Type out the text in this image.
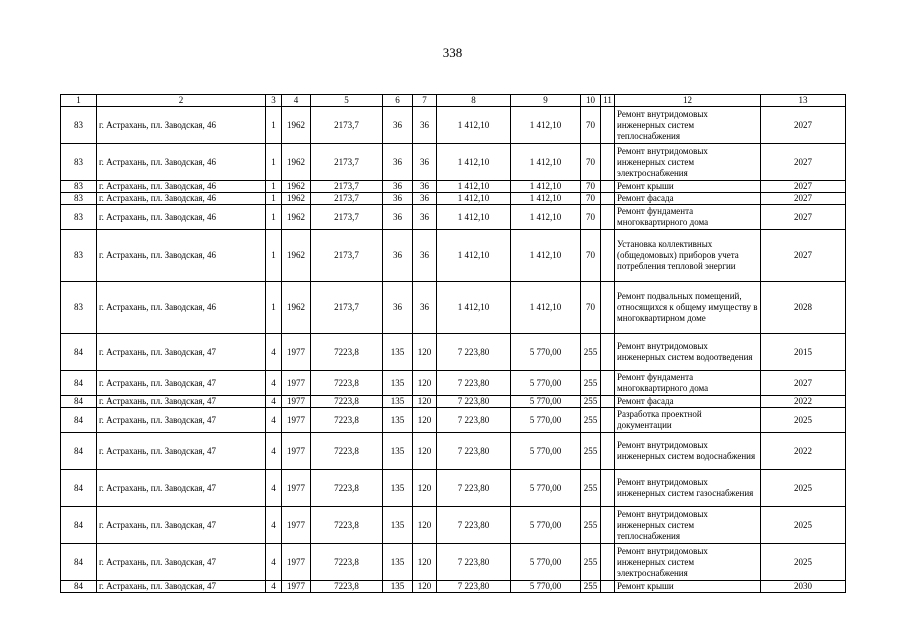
338
1	2	3	4	5	6	7	8	9	10	11	12	13
83	г. Астрахань, пл. Заводская, 46	1	1962	2173,7	36	36	1 412,10	1 412,10	70		Ремонт внутридомовых инженерных систем теплоснабжения	2027
83	г. Астрахань, пл. Заводская, 46	1	1962	2173,7	36	36	1 412,10	1 412,10	70		Ремонт внутридомовых инженерных систем электроснабжения	2027
83	г. Астрахань, пл. Заводская, 46	1	1962	2173,7	36	36	1 412,10	1 412,10	70		Ремонт крыши	2027
83	г. Астрахань, пл. Заводская, 46	1	1962	2173,7	36	36	1 412,10	1 412,10	70		Ремонт фасада	2027
83	г. Астрахань, пл. Заводская, 46	1	1962	2173,7	36	36	1 412,10	1 412,10	70		Ремонт фундамента многоквартирного дома	2027
83	г. Астрахань, пл. Заводская, 46	1	1962	2173,7	36	36	1 412,10	1 412,10	70		Установка коллективных (общедомовых) приборов учета потребления тепловой энергии	2027
83	г. Астрахань, пл. Заводская, 46	1	1962	2173,7	36	36	1 412,10	1 412,10	70		Ремонт подвальных помещений, относящихся к общему имуществу в многоквартирном доме	2028
84	г. Астрахань, пл. Заводская, 47	4	1977	7223,8	135	120	7 223,80	5 770,00	255		Ремонт внутридомовых инженерных систем водоотведения	2015
84	г. Астрахань, пл. Заводская, 47	4	1977	7223,8	135	120	7 223,80	5 770,00	255		Ремонт фундамента многоквартирного дома	2027
84	г. Астрахань, пл. Заводская, 47	4	1977	7223,8	135	120	7 223,80	5 770,00	255		Ремонт фасада	2022
84	г. Астрахань, пл. Заводская, 47	4	1977	7223,8	135	120	7 223,80	5 770,00	255		Разработка проектной документации	2025
84	г. Астрахань, пл. Заводская, 47	4	1977	7223,8	135	120	7 223,80	5 770,00	255		Ремонт внутридомовых инженерных систем водоснабжения	2022
84	г. Астрахань, пл. Заводская, 47	4	1977	7223,8	135	120	7 223,80	5 770,00	255		Ремонт внутридомовых инженерных систем газоснабжения	2025
84	г. Астрахань, пл. Заводская, 47	4	1977	7223,8	135	120	7 223,80	5 770,00	255		Ремонт внутридомовых инженерных систем теплоснабжения	2025
84	г. Астрахань, пл. Заводская, 47	4	1977	7223,8	135	120	7 223,80	5 770,00	255		Ремонт внутридомовых инженерных систем электроснабжения	2025
84	г. Астрахань, пл. Заводская, 47	4	1977	7223,8	135	120	7 223,80	5 770,00	255		Ремонт крыши	2030
